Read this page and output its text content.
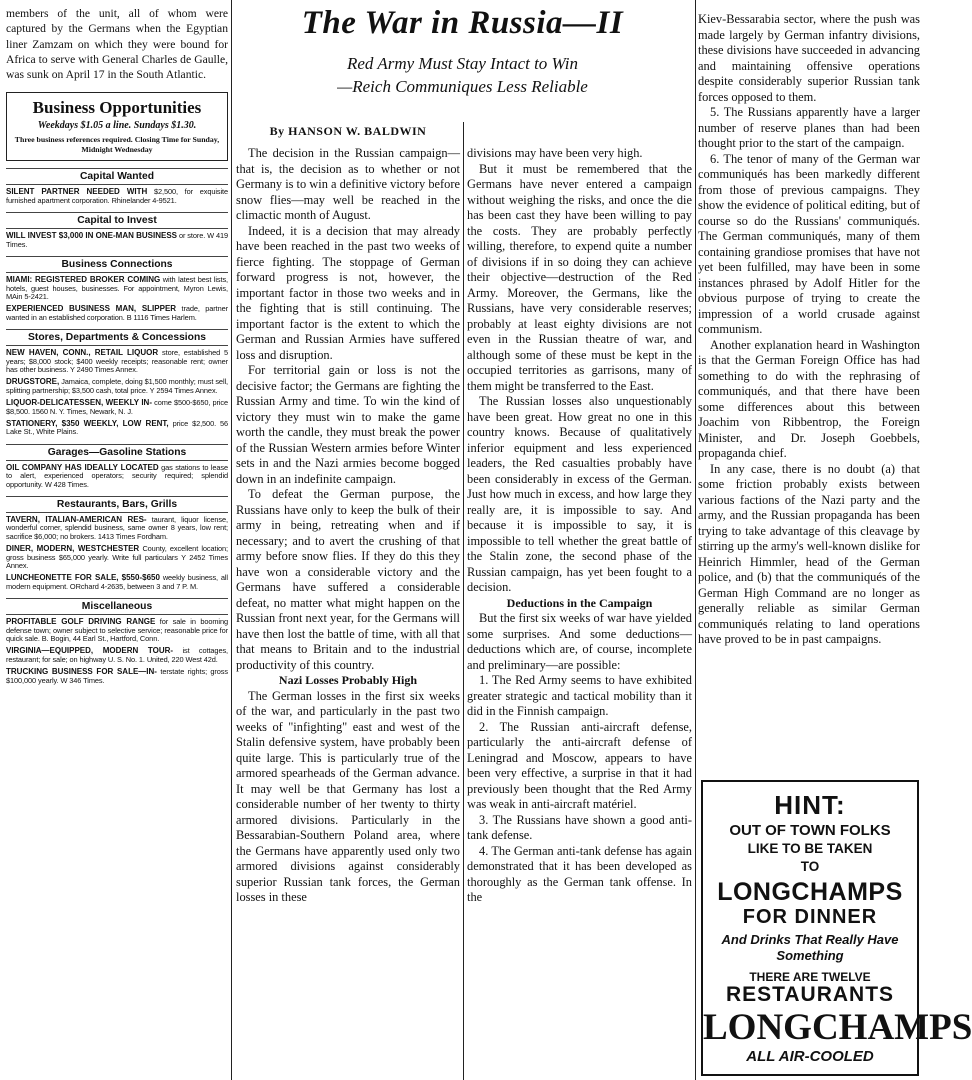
members of the unit, all of whom were captured by the Germans when the Egyptian liner Zamzam on which they were bound for Africa to serve with General Charles de Gaulle, was sunk on April 17 in the South Atlantic.

Business Opportunities
Weekdays $1.05 a line. Sundays $1.30.
Three business references required. Closing Time for Sunday, Midnight Wednesday
Capital Wanted

SILENT PARTNER NEEDED WITH $2,500, for exquisite furnished apartment corporation. Rhinelander 4-9521.

Capital to Invest

WILL INVEST $3,000 IN ONE-MAN BUSINESS or store. W 419 Times.

Business Connections

MIAMI: REGISTERED BROKER COMING with latest best lists, hotels, guest houses, businesses. For appointment, Myron Lewis, MAin 5-2421.

EXPERIENCED BUSINESS MAN, SLIPPER trade, partner wanted in an established corporation. B 1116 Times Harlem.

Stores, Departments & Concessions

NEW HAVEN, CONN., RETAIL LIQUOR store, established 5 years; $8,000 stock; $400 weekly receipts; reasonable rent; owner has other business. Y 2490 Times Annex.

DRUGSTORE, Jamaica, complete, doing $1,500 monthly; must sell, splitting partnership; $3,500 cash, total price. Y 2594 Times Annex.

LIQUOR-DELICATESSEN, WEEKLY IN- come $500-$650, price $8,500. 1560 N. Y. Times, Newark, N. J.

STATIONERY, $350 WEEKLY, LOW RENT, price $2,500. 56 Lake St., White Plains.

Garages—Gasoline Stations

OIL COMPANY HAS IDEALLY LOCATED gas stations to lease to alert, experienced operators; security required; splendid opportunity. W 428 Times.

Restaurants, Bars, Grills

TAVERN, ITALIAN-AMERICAN RES- taurant, liquor license, wonderful corner, splendid business, same owner 8 years, low rent; sacrifice $6,000; no brokers. 1413 Times Fordham.

DINER, MODERN, WESTCHESTER County, excellent location; gross business $65,000 yearly. Write full particulars Y 2452 Times Annex.

LUNCHEONETTE FOR SALE, $550-$650 weekly business, all modern equipment. ORchard 4-2635, between 3 and 7 P. M.

Miscellaneous

PROFITABLE GOLF DRIVING RANGE for sale in booming defense town; owner subject to selective service; reasonable price for quick sale. B. Bogin, 44 Earl St., Hartford, Conn.

VIRGINIA—EQUIPPED, MODERN TOUR- ist cottages, restaurant; for sale; on highway U. S. No. 1. United, 220 West 42d.

TRUCKING BUSINESS FOR SALE—IN- terstate rights; gross $100,000 yearly. W 346 Times.

The War in Russia—II
Red Army Must Stay Intact to Win
—Reich Communiques Less Reliable
By HANSON W. BALDWIN

The decision in the Russian campaign—that is, the decision as to whether or not Germany is to win a definitive victory before snow flies—may well be reached in the climactic month of August.

Indeed, it is a decision that may already have been reached in the past two weeks of fierce fighting. The stoppage of German forward progress is not, however, the important factor in those two weeks and in the fighting that is still continuing. The important factor is the extent to which the German and Russian Armies have suffered loss and disruption.

For territorial gain or loss is not the decisive factor; the Germans are fighting the Russian Army and time. To win the kind of victory they must win to make the game worth the candle, they must break the power of the Russian Western armies before Winter sets in and the Nazi armies become bogged down in an indefinite campaign.

To defeat the German purpose, the Russians have only to keep the bulk of their army in being, retreating when and if necessary; and to avert the crushing of that army before snow flies. If they do this they have won a considerable victory and the Germans have suffered a considerable defeat, no matter what might happen on the Russian front next year, for the Germans will have then lost the battle of time, with all that that means to Britain and to the industrial productivity of this country.

Nazi Losses Probably High

The German losses in the first six weeks of the war, and particularly in the past two weeks of "infighting" east and west of the Stalin defensive system, have probably been quite large. This is particularly true of the armored spearheads of the German advance. It may well be that Germany has lost a considerable number of her twenty to thirty armored divisions. Particularly in the Bessarabian-Southern Poland area, where the Germans have apparently used only two armored divisions against considerably superior Russian tank forces, the German losses in these

divisions may have been very high.

But it must be remembered that the Germans have never entered a campaign without weighing the risks, and once the die has been cast they have been willing to pay the costs. They are probably perfectly willing, therefore, to expend quite a number of divisions if in so doing they can achieve their objective—destruction of the Red Army. Moreover, the Germans, like the Russians, have very considerable reserves; probably at least eighty divisions are not even in the Russian theatre of war, and although some of these must be kept in the occupied territories as garrisons, many of them might be transferred to the East.

The Russian losses also unquestionably have been great. How great no one in this country knows. Because of qualitatively inferior equipment and less experienced leaders, the Red casualties probably have been considerably in excess of the German. Just how much in excess, and how large they really are, it is impossible to say. And because it is impossible to say, it is impossible to tell whether the great battle of the Stalin zone, the second phase of the Russian campaign, has yet been fought to a decision.

Deductions in the Campaign

But the first six weeks of war have yielded some surprises. And some deductions—deductions which are, of course, incomplete and preliminary—are possible:

1. The Red Army seems to have exhibited greater strategic and tactical mobility than it did in the Finnish campaign.

2. The Russian anti-aircraft defense, particularly the anti-aircraft defense of Leningrad and Moscow, appears to have been very effective, a surprise in that it had previously been thought that the Red Army was weak in anti-aircraft matériel.

3. The Russians have shown a good anti-tank defense.

4. The German anti-tank defense has again demonstrated that it has been developed as thoroughly as the German tank offense. In the

Kiev-Bessarabia sector, where the push was made largely by German infantry divisions, these divisions have succeeded in advancing and maintaining offensive operations despite considerably superior Russian tank forces opposed to them.

5. The Russians apparently have a larger number of reserve planes than had been thought prior to the start of the campaign.

6. The tenor of many of the German war communiqués has been markedly different from those of previous campaigns. They show the evidence of political editing, but of course so do the Russians' communiqués. The German communiqués, many of them containing grandiose promises that have not yet been fulfilled, may have been in some instances phrased by Adolf Hitler for the obvious purpose of trying to create the impression of a world crusade against communism.

Another explanation heard in Washington is that the German Foreign Office has had something to do with the rephrasing of communiqués, and that there have been some differences about this between Joachim von Ribbentrop, the Foreign Minister, and Dr. Joseph Goebbels, propaganda chief.

In any case, there is no doubt (a) that some friction probably exists between various factions of the Nazi party and the army, and the Russian propaganda has been trying to take advantage of this cleavage by stirring up the army's well-known dislike for Heinrich Himmler, head of the German police, and (b) that the communiqués of the German High Command are no longer as generally reliable as similar German communiqués relating to land operations have proved to be in past campaigns.

HINT:
OUT OF TOWN FOLKS
LIKE TO BE TAKEN
TO
LONGCHAMPS
FOR DINNER
And Drinks That Really Have Something
THERE ARE TWELVE
RESTAURANTS
LONGCHAMPS
ALL AIR-COOLED
